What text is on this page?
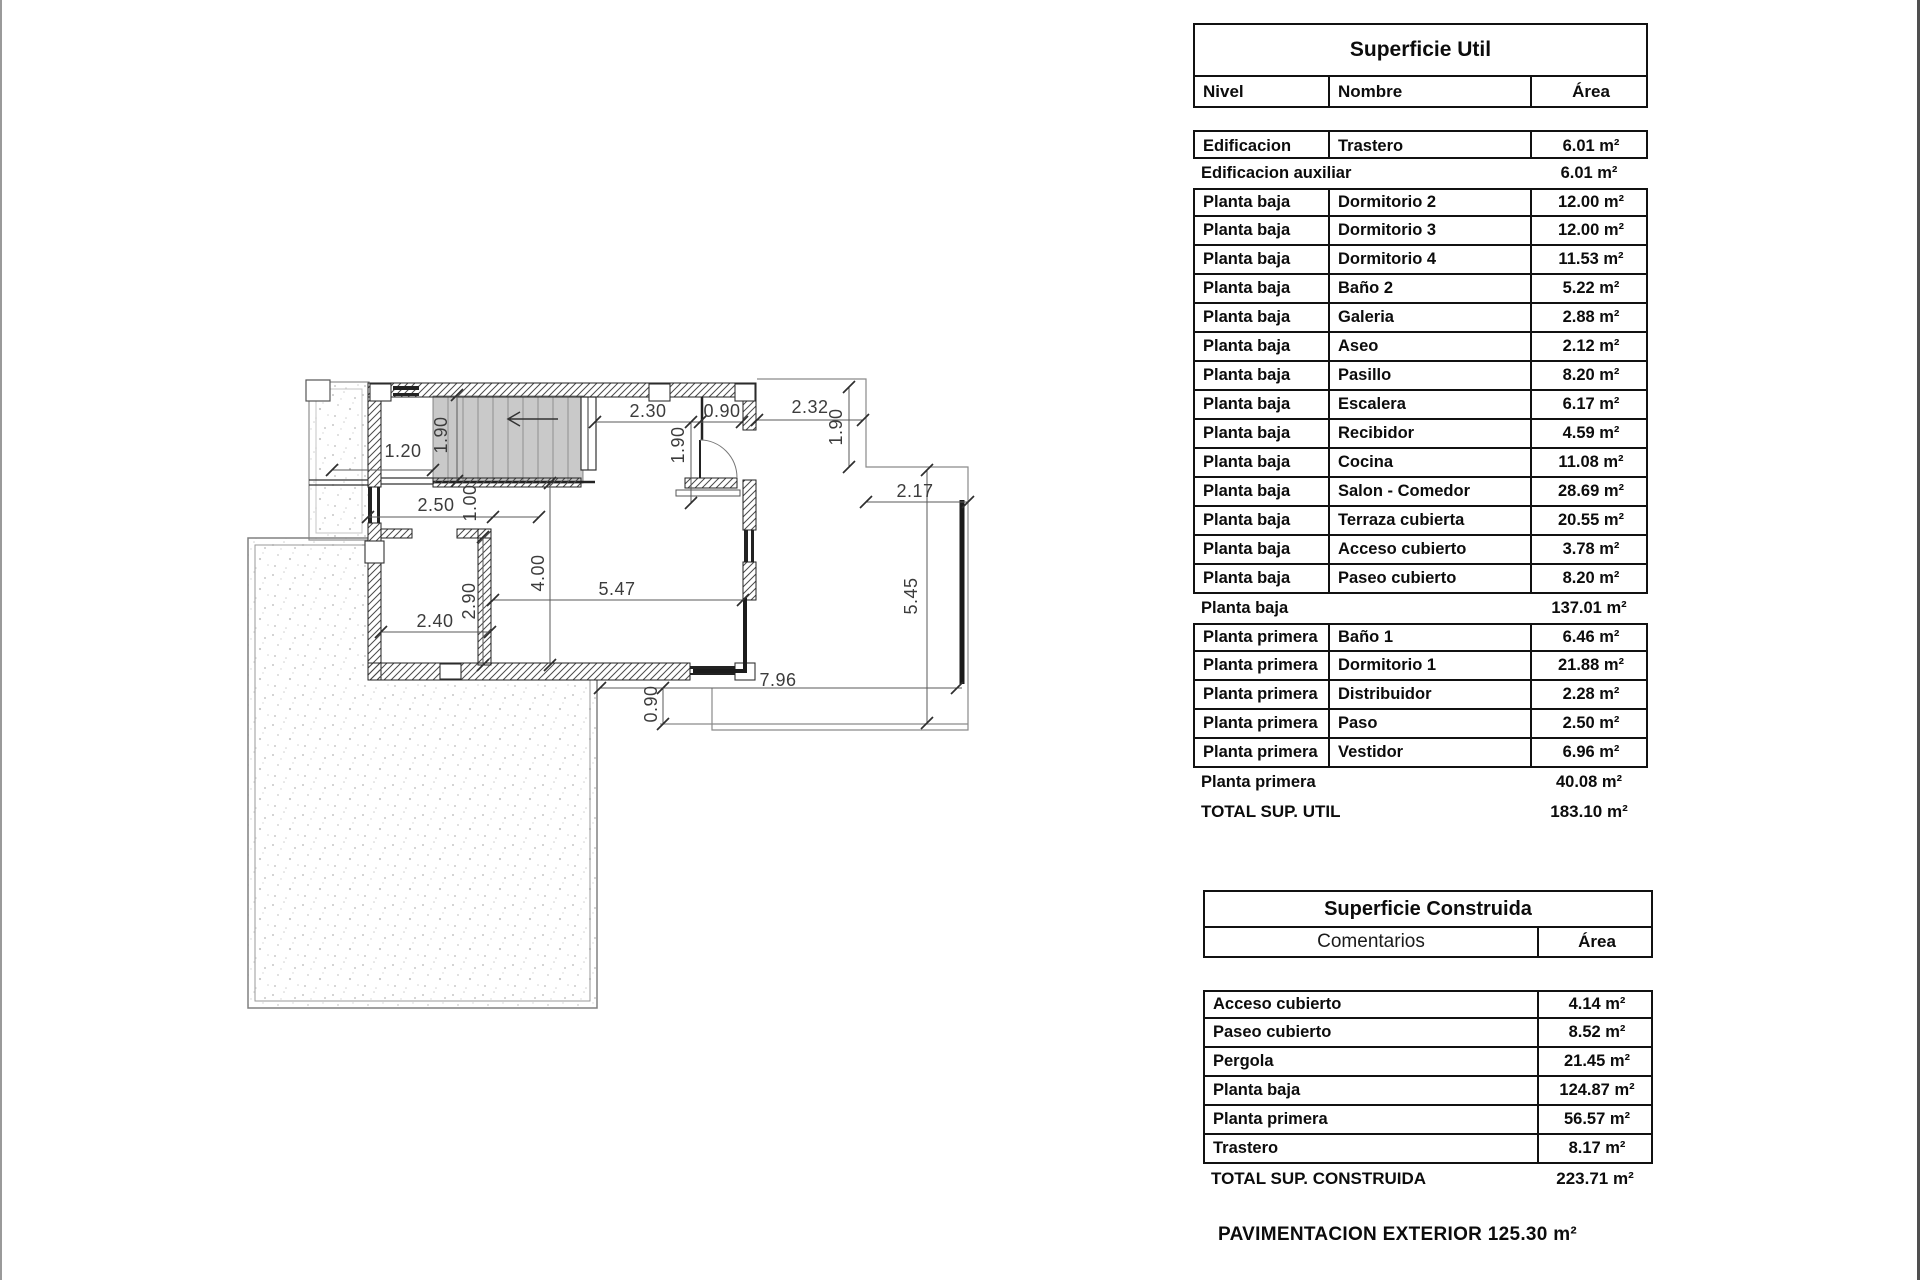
1.20
2.30 0.90	2.32
1.90	1.90	1.90
2.50 1.00	2.17
4.00	5.47
2.90
2.40
5.45
7.96
0.90
Superficie Util
Nivel	Nombre	Área
Edificacion	Trastero	6.01 m²
Edificacion auxiliar	6.01 m²
Planta baja	Dormitorio 2	12.00 m²
Planta baja	Dormitorio 3	12.00 m²
Planta baja	Dormitorio 4	11.53 m²
Planta baja	Baño 2	5.22 m²
Planta baja	Galeria	2.88 m²
Planta baja	Aseo	2.12 m²
Planta baja	Pasillo	8.20 m²
Planta baja	Escalera	6.17 m²
Planta baja	Recibidor	4.59 m²
Planta baja	Cocina	11.08 m²
Planta baja	Salon - Comedor	28.69 m²
Planta baja	Terraza cubierta	20.55 m²
Planta baja	Acceso cubierto	3.78 m²
Planta baja	Paseo cubierto	8.20 m²
Planta baja	137.01 m²
Planta primera	Baño 1	6.46 m²
Planta primera	Dormitorio 1	21.88 m²
Planta primera	Distribuidor	2.28 m²
Planta primera	Paso	2.50 m²
Planta primera	Vestidor	6.96 m²
Planta primera	40.08 m²
TOTAL SUP. UTIL	183.10 m²
Superficie Construida
Comentarios	Área
Acceso cubierto	4.14 m²
Paseo cubierto	8.52 m²
Pergola	21.45 m²
Planta baja	124.87 m²
Planta primera	56.57 m²
Trastero	8.17 m²
TOTAL SUP. CONSTRUIDA	223.71 m²
PAVIMENTACION EXTERIOR 125.30 m²
